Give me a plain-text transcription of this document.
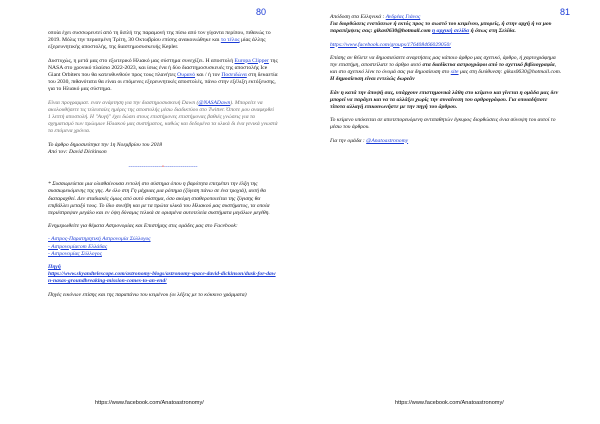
80

οποία έχει συσσωρευτεί από τη διπλή της παραμονή της πίσω από τον γίγαντα περίπου, πιθανώς το 2019. Μόλις την περασμένη Τρίτη, 30 Οκτωβρίου επίσης ανακοινώθηκε και το τέλος μίας άλλης εξερευνητικής αποστολής, της διαστημοσυσκευής Kepler.

Δυστυχώς, η μετά μας στο εξωτερικό Ηλιακό μας σύστημα συνεχίζει. Η αποστολή Europa Clipper της NASA στο χρονικό πλαίσιο 2022-2023, και ίσως ένα ή δύο διαστημοσυσκευές της αποστολής Ice Giant Orbiters που θα κατευθυνθούν προς τους πλανήτες Ουρανό και / ή τον Ποσειδώνα στη δεκαετία του 2030, πιθανότατα θα είναι οι επόμενες εξερευνητικές αποστολές, πάνω στην εξέλιξη εκτόξευσης, για το Ηλιακό μας σύστημα.

Είναι προγραμματ. εναν ανάρτηση για την διαστημοσυσκευή Dawn (@NASADawn). Μπορείτε να ακολουθήσετε τις τελευταίες ημέρες της αποστολής μέσω διαδικτύου στο Twitter. Όποτε μου αναφερθεί 1 λεπτή αποστολή. Η "Αυγή" έχει δώσει στους επιστήμονες επιστήμονας βαθιές γνώσεις για τα σχηματισμό των πρώιμων Ηλιακού μας συστήματος, καθώς και δεδομένα τα υλικά δι ένα γενικά γνωστά τα επόμενα χρόνια.

Το άρθρο δημοσιεύτηκε την 1η Νοεμβρίου του 2018

Από τον: David Dickinson

------------------•------------------

* Συσσωρεύεται μια ολισθαίνουσα εντολή στο σύστημα όπου η βαρύτητα επιτρέπει την έλξη της συσσωρευόμενης της γης. Αν όλο στη Γη μέχριας μια ρόπημα (ζύγιση πάνω σε ένα τροχιά), αυτή θα διαταραχθεί. Δεν σταδιακές όμως από αυτό σύστημα, όσο ακόμη σταθεροποιείται της ζύγισης θα επιβάλλει μεταξύ τους. Το ίδιο συνέβη και με τα πρώτα υλικά του Ηλιακού μας συστήματος, τα οποία περιέστρεψαν μεγάλο και εν όψη δύναμις τελικά σε ορισμένα αυτοτελεία συστήματα μεγάλων μεγέθη.

Ενημερωθείτε για θέματα Αστρονομίας και Επιστήμης στις ομάδες μας στο Facebook:

- Αστρος-Παρατηρητική Αστρονομία Σύλλογος
- Αστρονομίαcom Ελλάδας
- Αστρονομίας Σύλλογος
Πηγή

https://www.skyandtelescope.com/astronomy-blogs/astronomy-space-david-dickinson/dusk-for-dawn-nasas-groundbreaking-mission-comes-to-an-end/

Πηγές εικόνων επίσης και της παραπάνω του κειμένου (οι λέξεις με το κόκκινο γράμματα)

https://www.facebook.com/Anatoastronomy/
81

Απόδοση στα Ελληνικά : Ανδρέας Γιάνος

Για διορθώσεις ενστάσεων ή εκτός προς το σωστό του κειμένου, μπορείς, ή στην αρχή ή να μου παραπέμψεις σας: gikas0630@hotmail.com η αρχική σελίδα ή όπως στη Σελίδα.

https://www.facebook.com/groups/176408466029050/

Επίσης αν θέλετε να δημοσιεύσετε αναρτήσεις μας κάποιο άρθρο μας σχετικό, άρθρο, ή χαρτογράφημα την επιστήμη, αποστείλατε το άρθρο αυτό στα διαδίκτυα αστρογράφοι από το σχετικό βιβλιογραφία, και στο σχετικό λίνκ το όνομά σας για δημοσίευση στο site μας στη διεύθυνση: gikas0630@hotmail.com. Η δημοσίευση είναι εντελώς δωρεάν

Εάν η κατά την άποψή σας, υπάρχουν επιστημονικά λάθη στο κείμενο και γίνεται η ομάδα μας δεν μπορεί να παράγει και να τα αλλάξει χωρίς την συναίνεση του αρθρογράφου. Για οποιαδήποτε τίποτα αλλαγή επικοινωνήστε με την πηγή του άρθρου.

Το κείμενο υπόκειται σε αποτεπορευόμενη αντιπαθητών έγκυρος διορθώσεις όνια σύνοψη του αυτοί το μέσω του άρθρου.

Για την ομάδα : @Anatoastronomy

https://www.facebook.com/Anatoastronomy/
